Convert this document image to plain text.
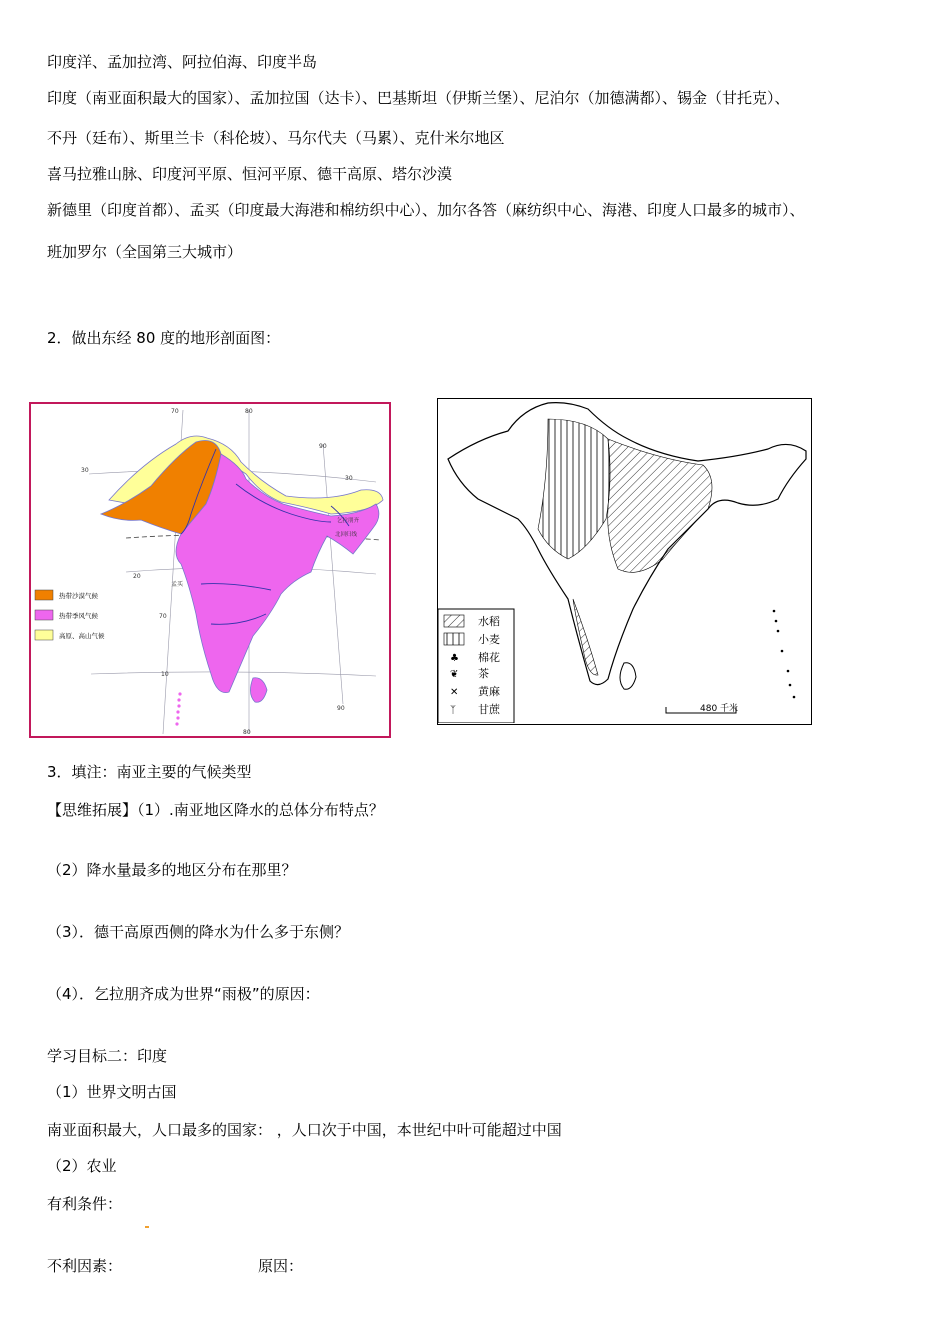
印度洋、孟加拉湾、阿拉伯海、印度半岛
印度（南亚面积最大的国家）、孟加拉国（达卡）、巴基斯坦（伊斯兰堡）、尼泊尔（加德满都）、锡金（甘托克）、
不丹（廷布）、斯里兰卡（科伦坡）、马尔代夫（马累）、克什米尔地区
喜马拉雅山脉、印度河平原、恒河平原、德干高原、塔尔沙漠
新德里（印度首都）、孟买（印度最大海港和棉纺织中心）、加尔各答（麻纺织中心、海港、印度人口最多的城市）、
班加罗尔（全国第三大城市）
2．做出东经 80 度的地形剖面图：
70	80
90
30
30
20
70
10
90
80
孟买
乞拉朋齐
北回归线
热带沙漠气候
热带季风气候
高原、高山气候
水稻
小麦
♣ 棉花
❦ 茶
✕ 黄麻
ᛉ 甘蔗	480 千米
3．填注：南亚主要的气候类型
【思维拓展】（1）.南亚地区降水的总体分布特点？
（2）降水量最多的地区分布在那里？
（3）．德干高原西侧的降水为什么多于东侧？
（4）．乞拉朋齐成为世界“雨极”的原因：
学习目标二：印度
（1）世界文明古国
南亚面积最大，人口最多的国家： ，人口次于中国，本世纪中叶可能超过中国
（2）农业
有利条件：
不利因素：	原因：
